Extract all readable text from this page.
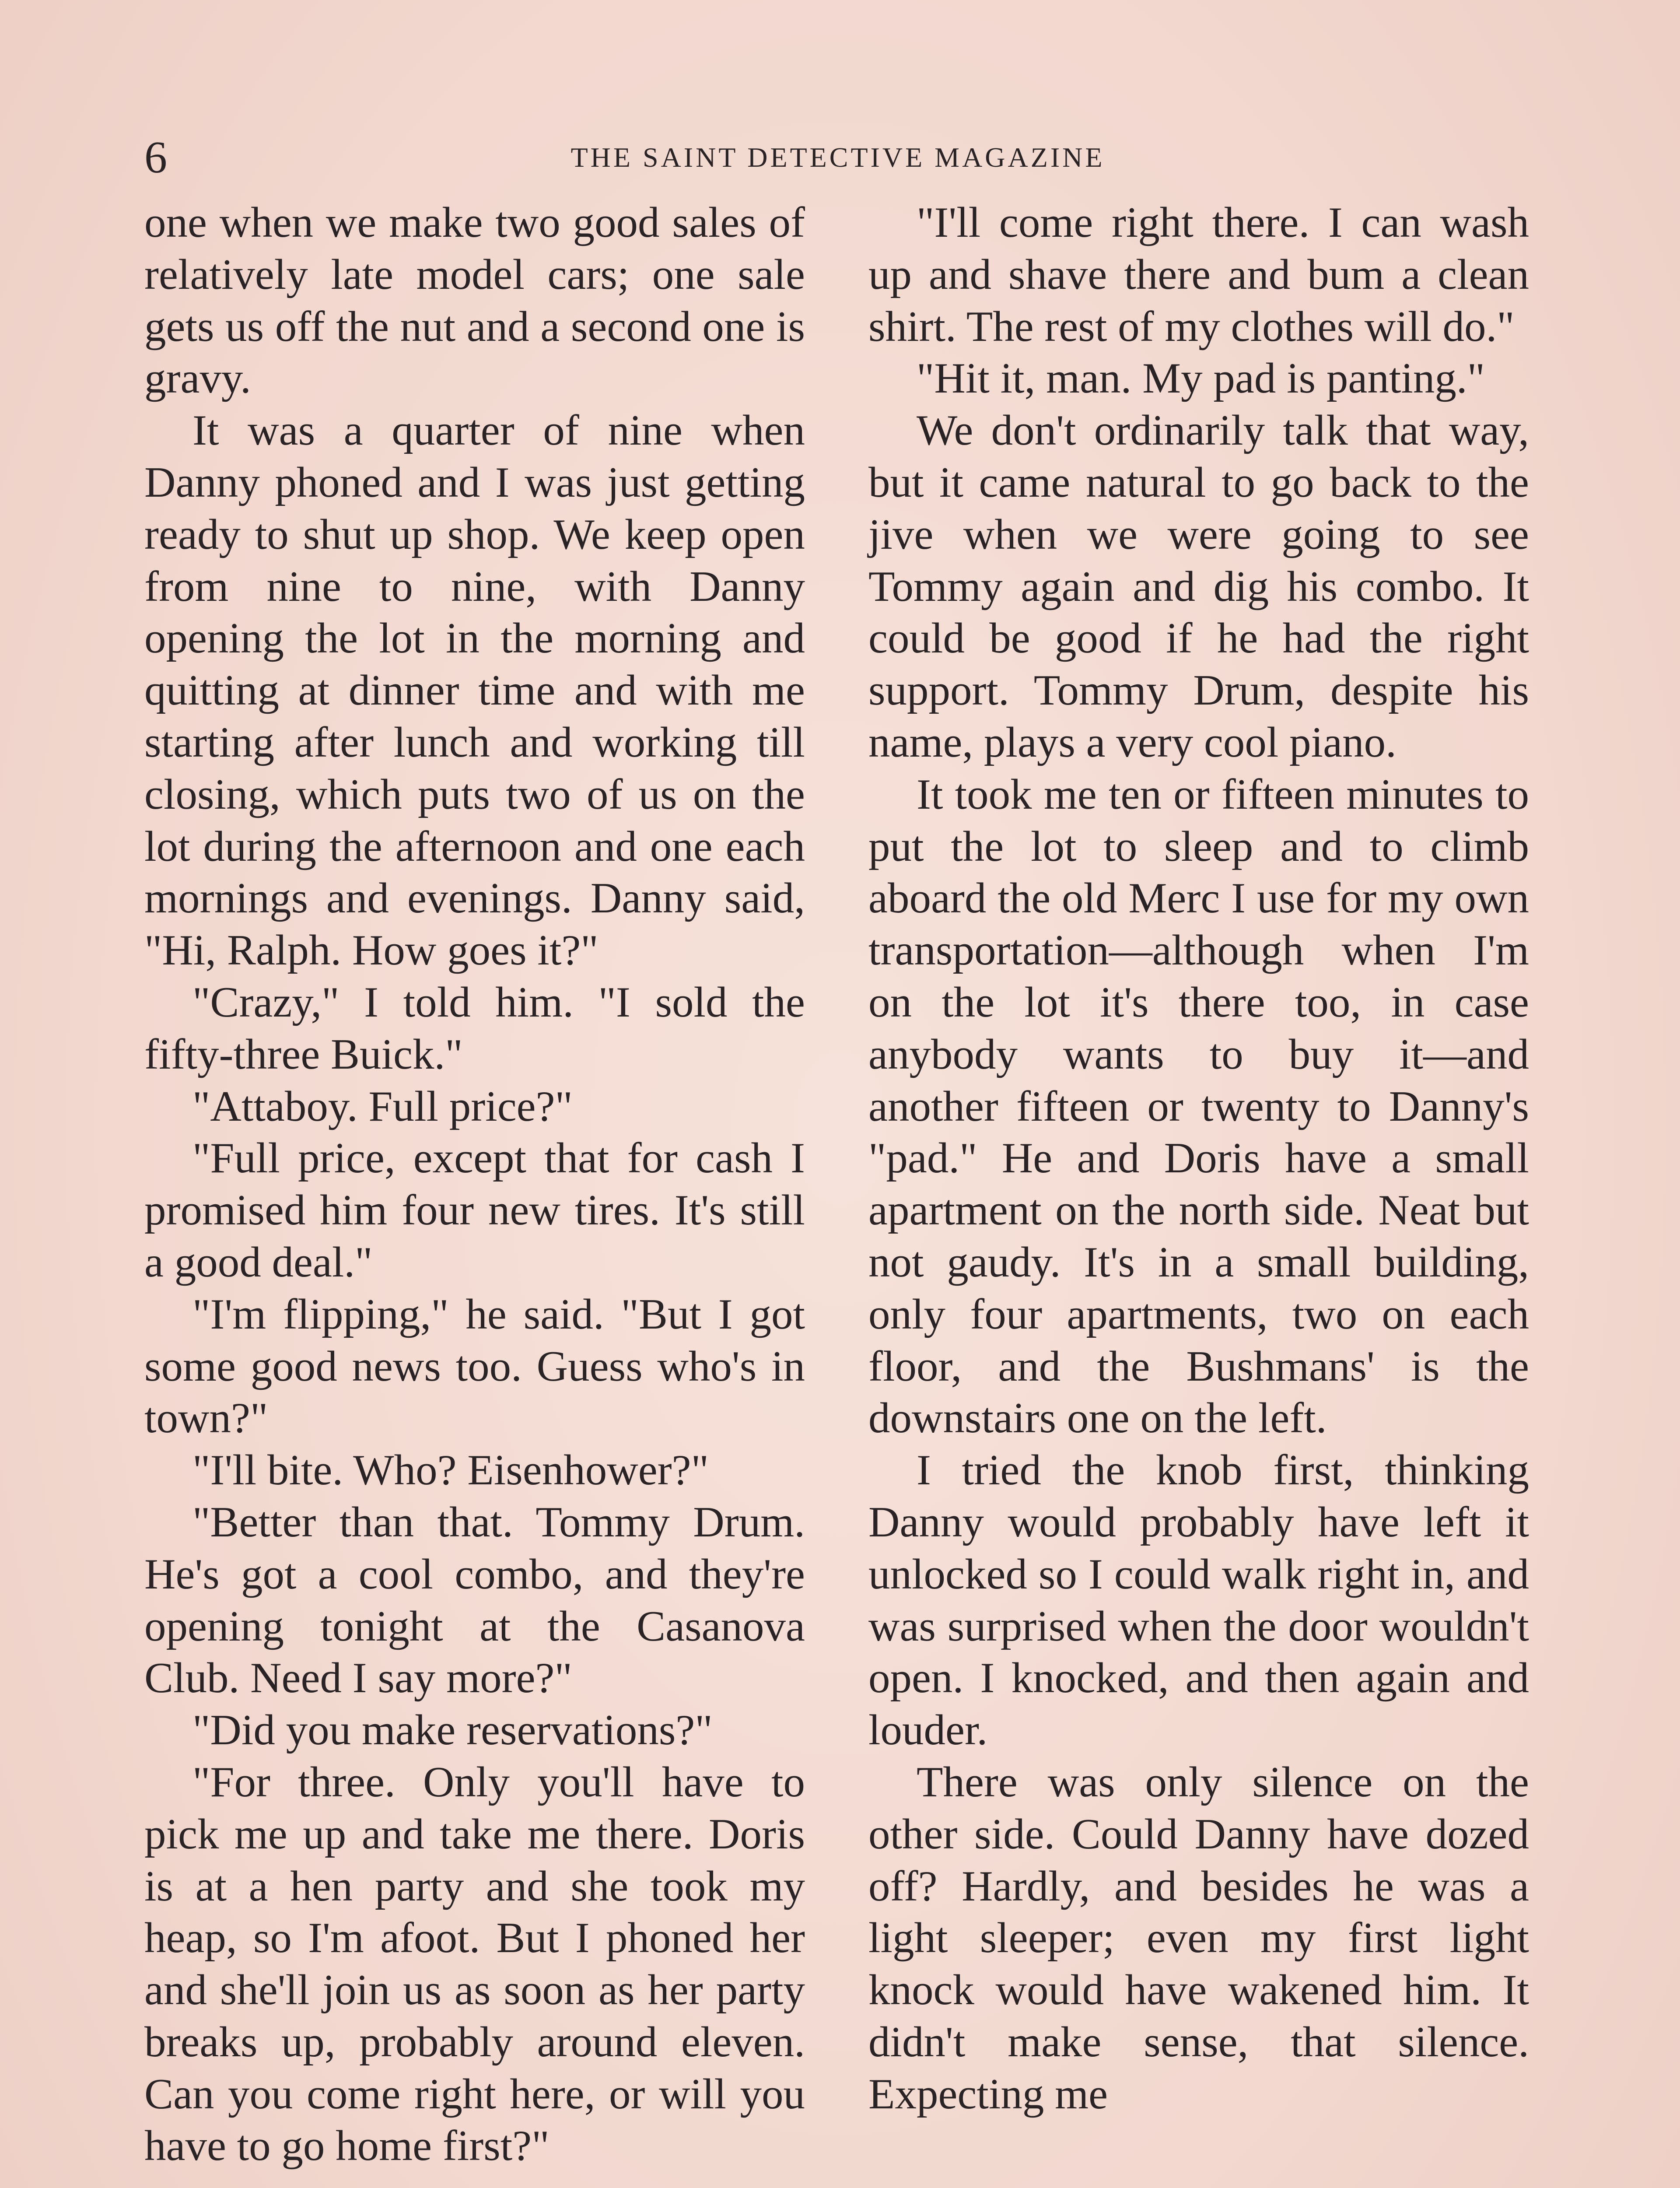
6	THE SAINT DETECTIVE MAGAZINE

one when we make two good sales of relatively late model cars; one sale gets us off the nut and a second one is gravy.

It was a quarter of nine when Danny phoned and I was just getting ready to shut up shop. We keep open from nine to nine, with Danny opening the lot in the morning and quitting at dinner time and with me starting after lunch and working till closing, which puts two of us on the lot during the afternoon and one each mornings and evenings. Danny said, "Hi, Ralph. How goes it?"

"Crazy," I told him. "I sold the fifty-three Buick."

"Attaboy. Full price?"

"Full price, except that for cash I promised him four new tires. It's still a good deal."

"I'm flipping," he said. "But I got some good news too. Guess who's in town?"

"I'll bite. Who? Eisenhower?"

"Better than that. Tommy Drum. He's got a cool combo, and they're opening tonight at the Casanova Club. Need I say more?"

"Did you make reservations?"

"For three. Only you'll have to pick me up and take me there. Doris is at a hen party and she took my heap, so I'm afoot. But I phoned her and she'll join us as soon as her party breaks up, probably around eleven. Can you come right here, or will you have to go home first?"

"I'll come right there. I can wash up and shave there and bum a clean shirt. The rest of my clothes will do."

"Hit it, man. My pad is panting."

We don't ordinarily talk that way, but it came natural to go back to the jive when we were going to see Tommy again and dig his combo. It could be good if he had the right support. Tommy Drum, despite his name, plays a very cool piano.

It took me ten or fifteen minutes to put the lot to sleep and to climb aboard the old Merc I use for my own transportation—although when I'm on the lot it's there too, in case anybody wants to buy it—and another fifteen or twenty to Danny's "pad." He and Doris have a small apartment on the north side. Neat but not gaudy. It's in a small building, only four apartments, two on each floor, and the Bushmans' is the downstairs one on the left.

I tried the knob first, thinking Danny would probably have left it unlocked so I could walk right in, and was surprised when the door wouldn't open. I knocked, and then again and louder.

There was only silence on the other side. Could Danny have dozed off? Hardly, and besides he was a light sleeper; even my first light knock would have wakened him. It didn't make sense, that silence. Expecting me
